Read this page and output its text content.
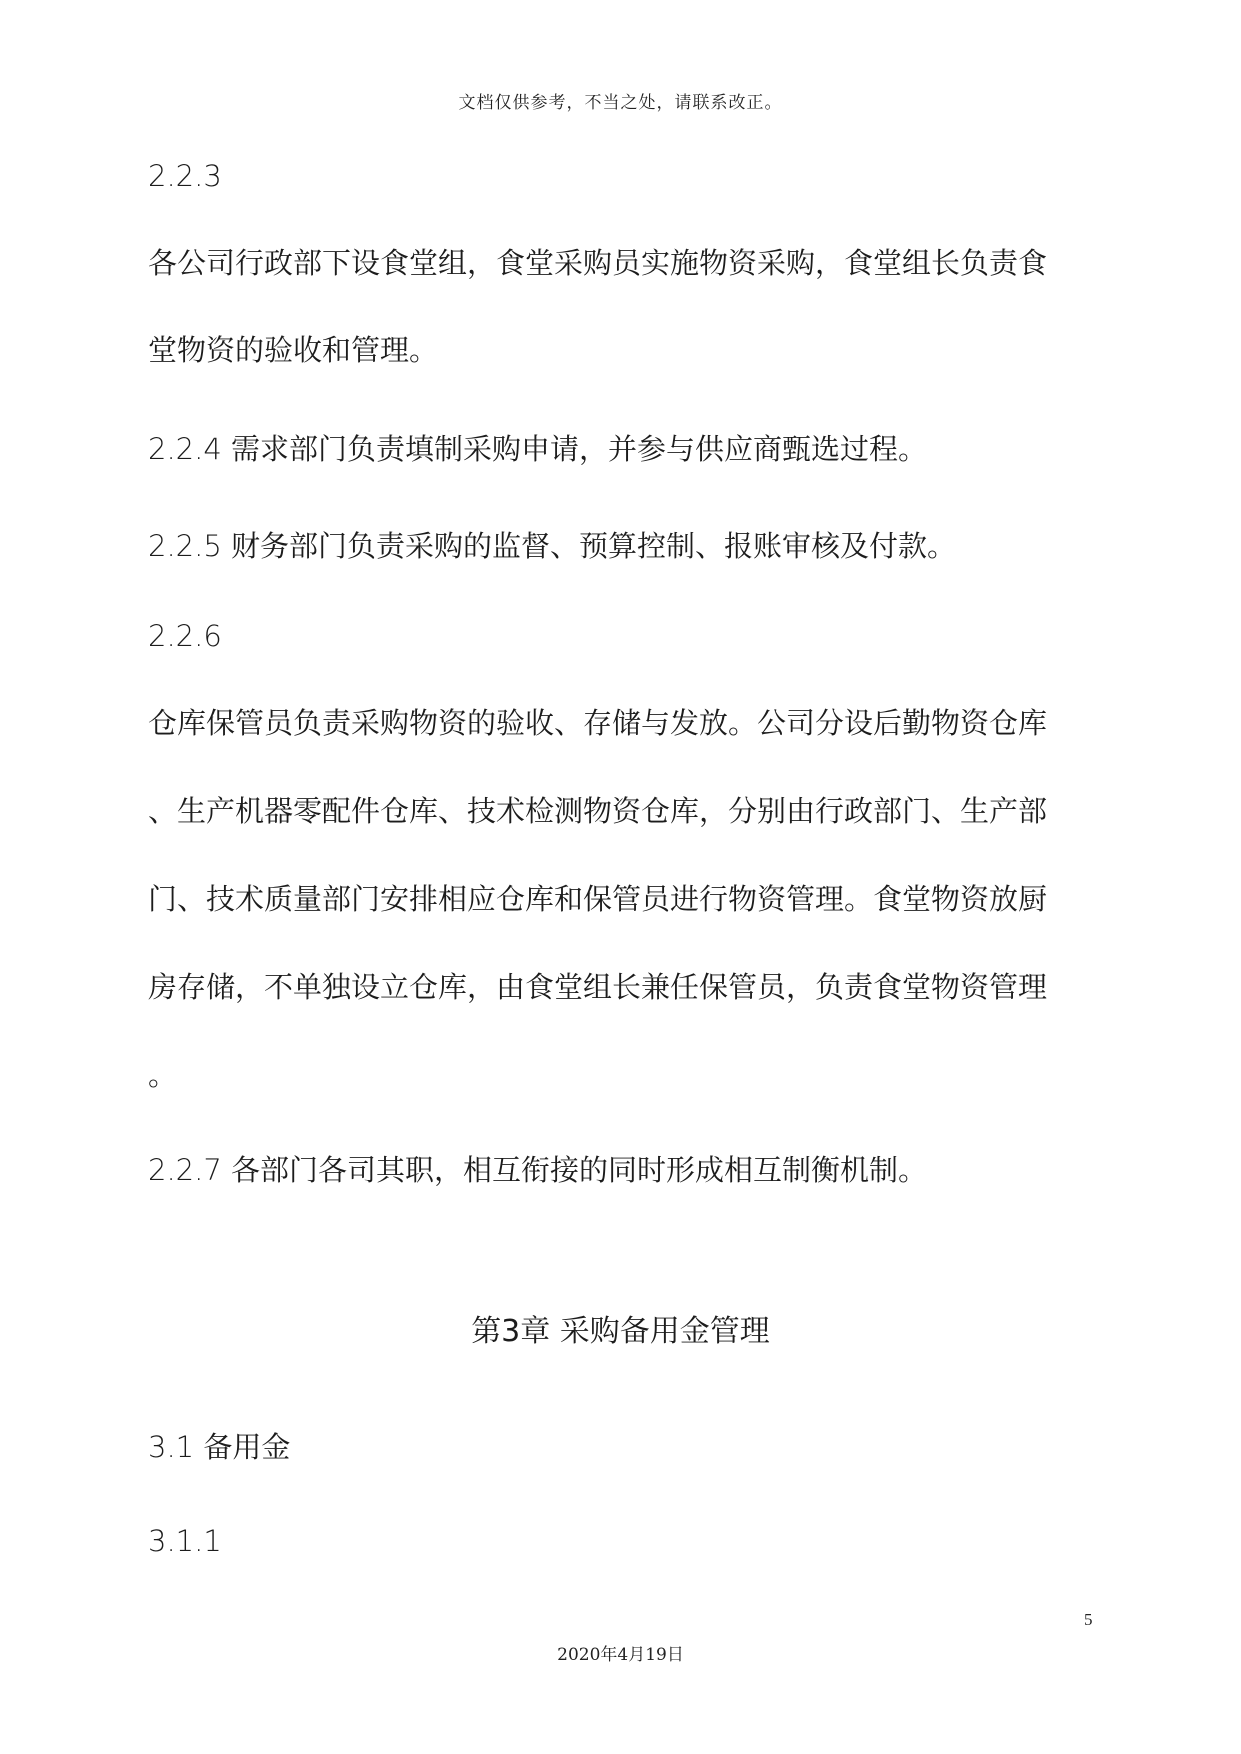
文档仅供参考，不当之处，请联系改正。
2.2.3
各公司行政部下设食堂组，食堂采购员实施物资采购，食堂组长负责食
堂物资的验收和管理。
2.2.4 需求部门负责填制采购申请，并参与供应商甄选过程。
2.2.5 财务部门负责采购的监督、预算控制、报账审核及付款。
2.2.6
仓库保管员负责采购物资的验收、存储与发放。公司分设后勤物资仓库
、生产机器零配件仓库、技术检测物资仓库，分别由行政部门、生产部
门、技术质量部门安排相应仓库和保管员进行物资管理。食堂物资放厨
房存储，不单独设立仓库，由食堂组长兼任保管员，负责食堂物资管理
。
2.2.7 各部门各司其职，相互衔接的同时形成相互制衡机制。
第3章 采购备用金管理
3.1 备用金
3.1.1
5
2020年4月19日
